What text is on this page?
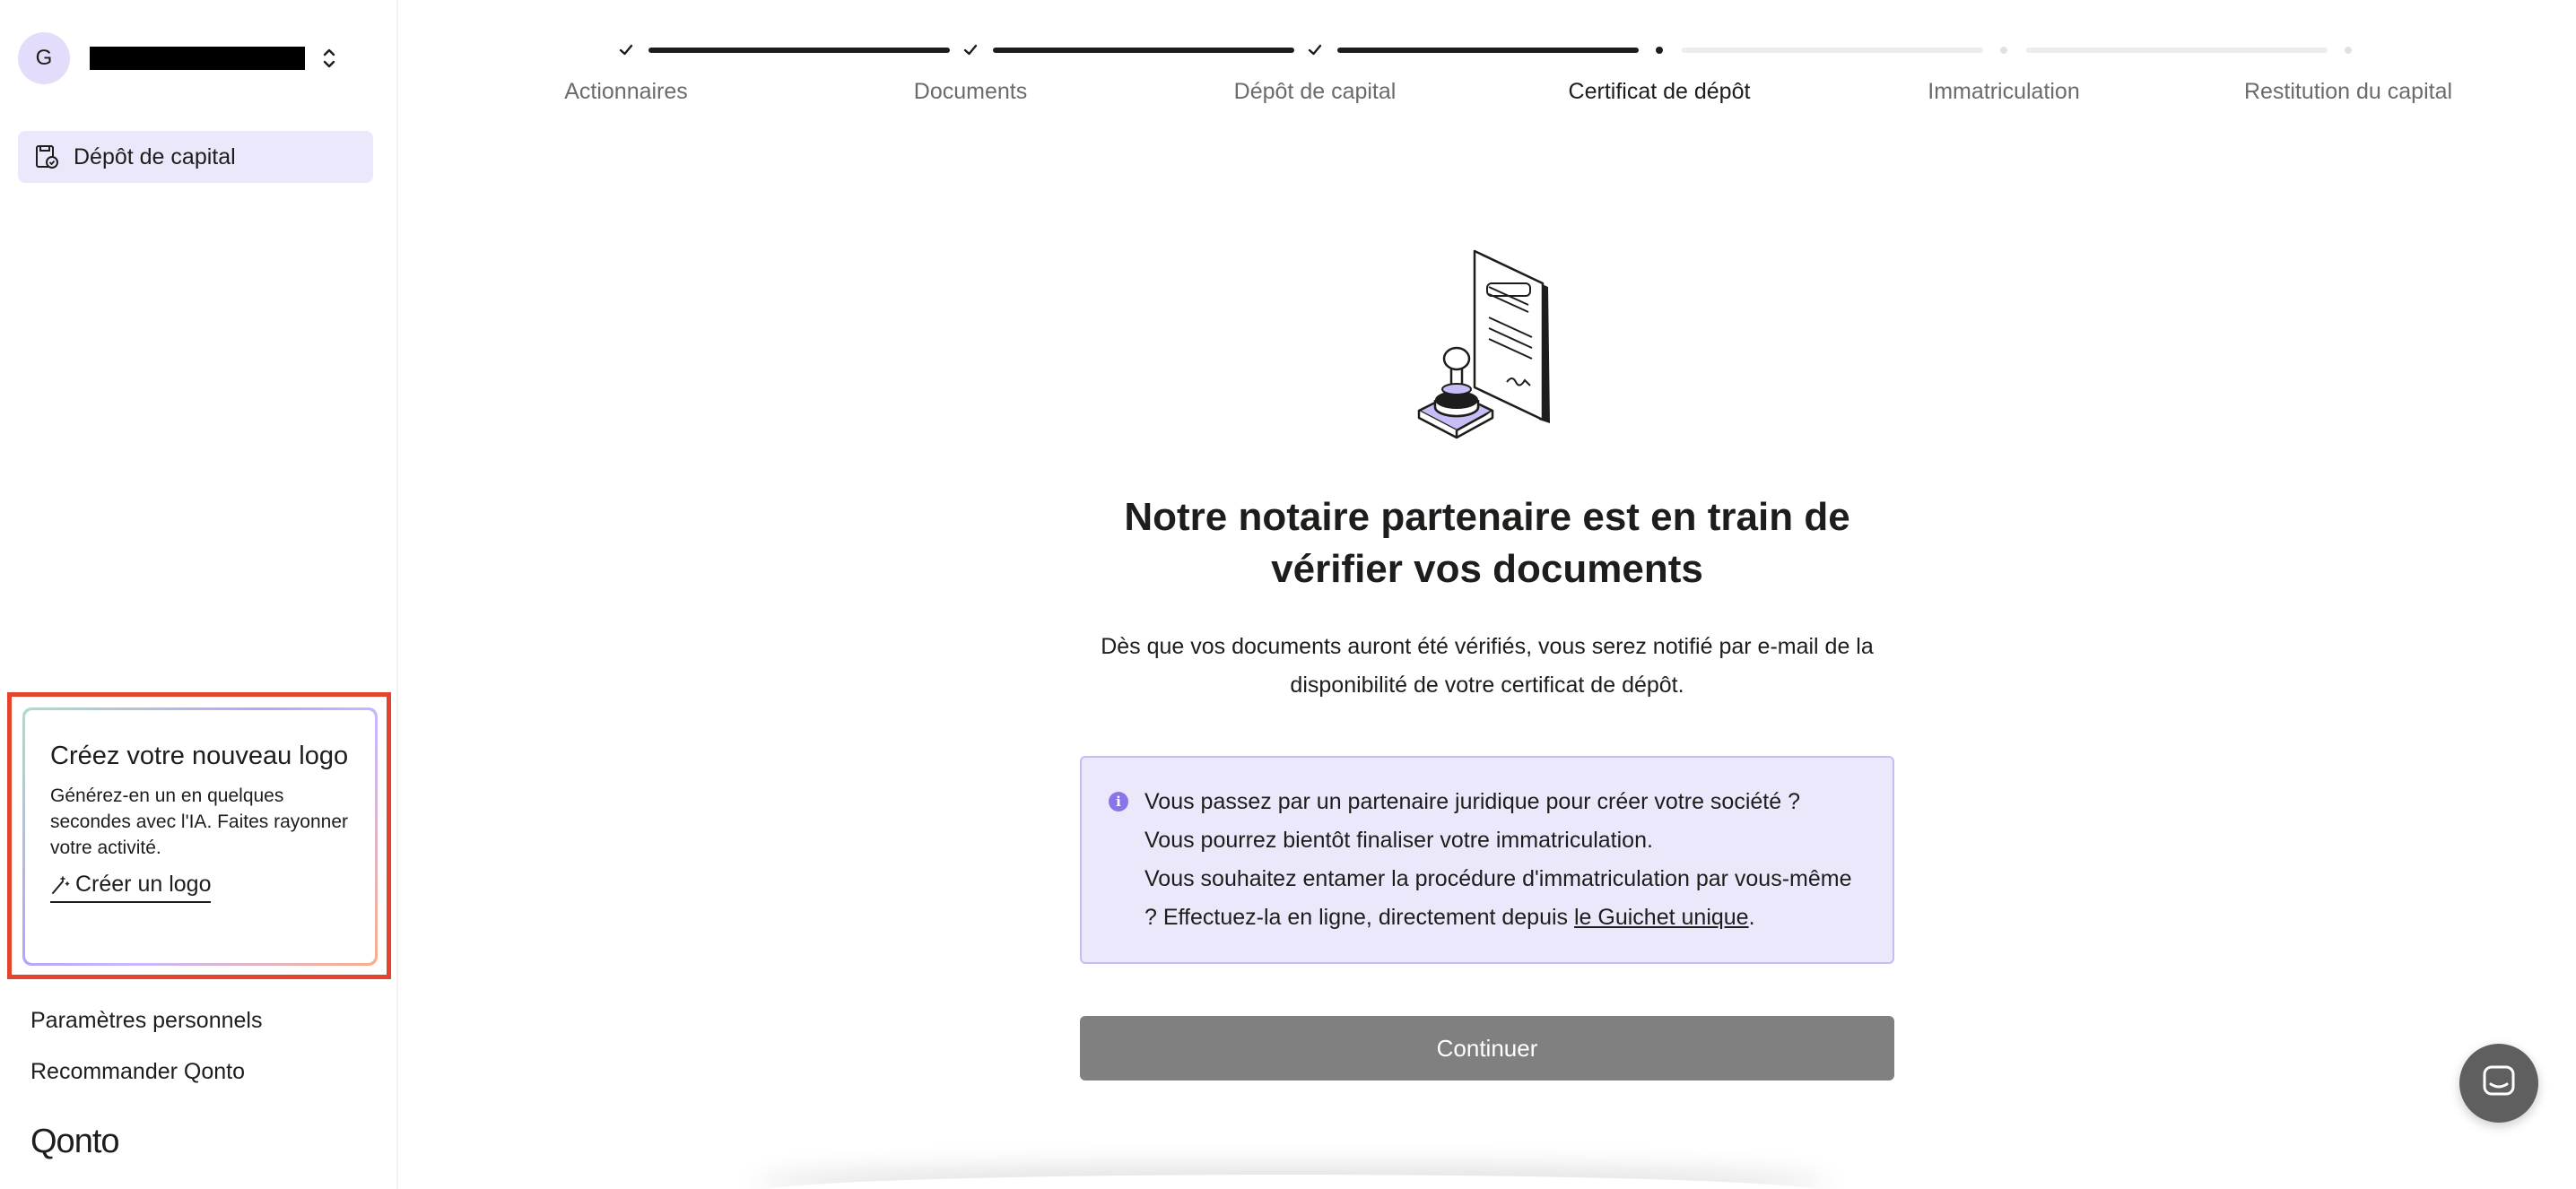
G
Dépôt de capital
Créez votre nouveau logo
Générez-en un en quelques secondes avec l'IA. Faites rayonner votre activité.
Créer un logo
Paramètres personnels
Recommander Qonto
Qonto
Actionnaires	Documents	Dépôt de capital	Certificat de dépôt	Immatriculation	Restitution du capital
Notre notaire partenaire est en train de vérifier vos documents

Dès que vos documents auront été vérifiés, vous serez notifié par e-mail de la disponibilité de votre certificat de dépôt.

i	Vous passez par un partenaire juridique pour créer votre société ?
Vous pourrez bientôt finaliser votre immatriculation.
Vous souhaitez entamer la procédure d'immatriculation par vous-même ? Effectuez-la en ligne, directement depuis le Guichet unique.
Continuer
